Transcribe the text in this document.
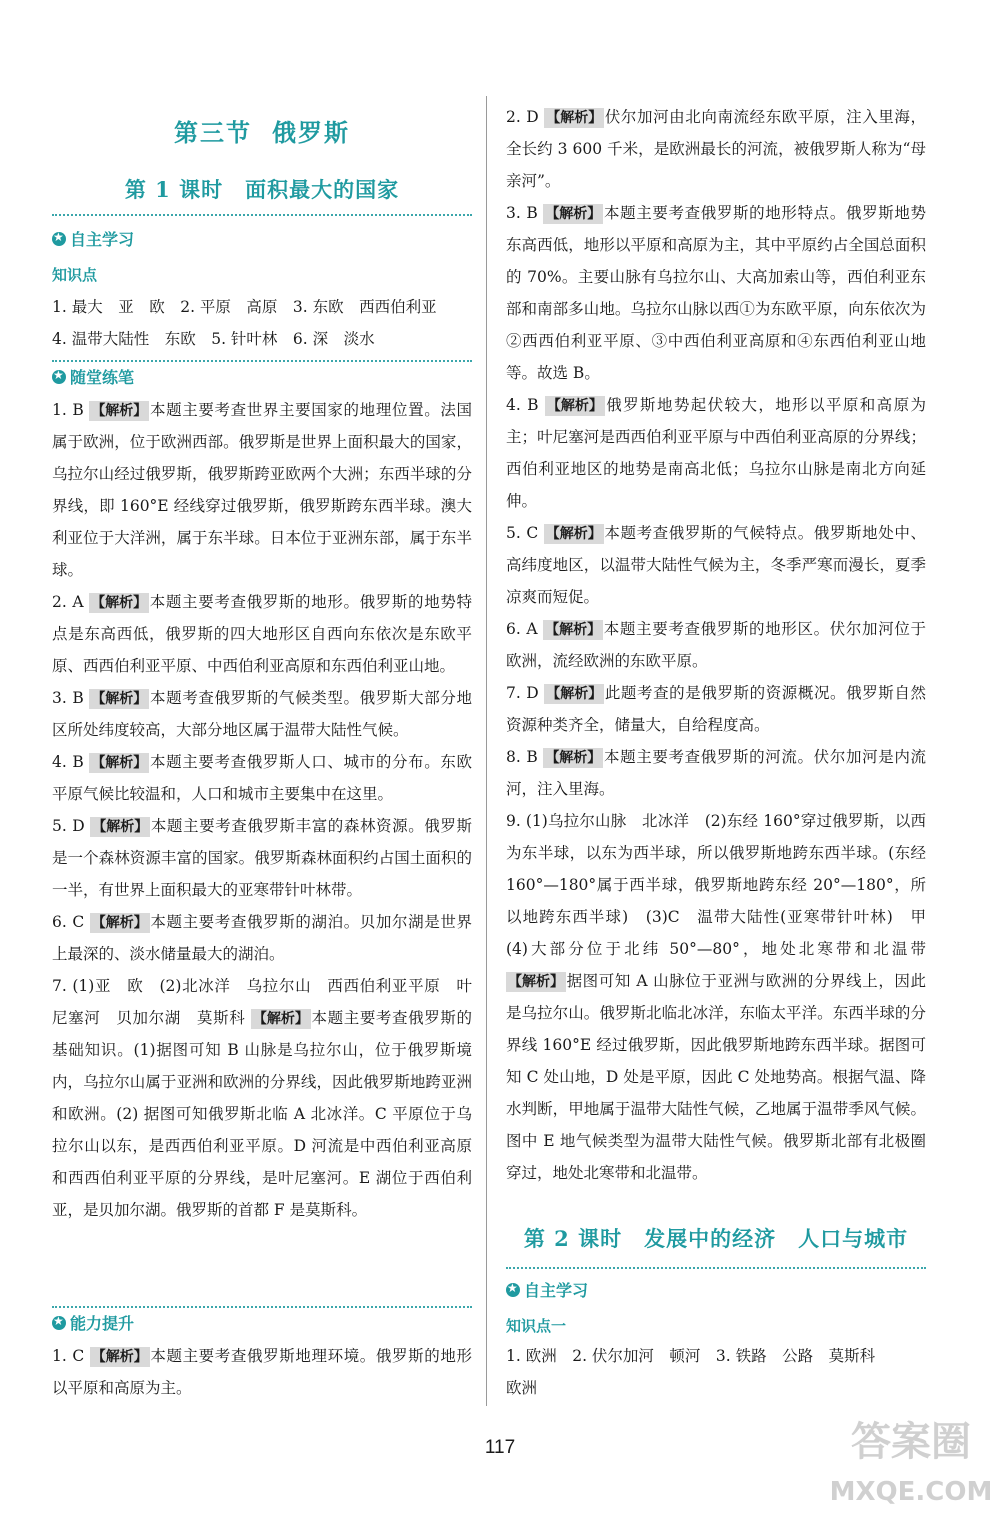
第三节 俄罗斯
第 1 课时　面积最大的国家
★
自主学习
知识点
1. 最大　亚　欧　2. 平原　高原　3. 东欧　西西伯利亚
4. 温带大陆性　东欧　5. 针叶林　6. 深　淡水
★
随堂练笔
1. B 【解析】 本题主要考查世界主要国家的地理位置。法国属于欧洲，位于欧洲西部。俄罗斯是世界上面积最大的国家，乌拉尔山经过俄罗斯，俄罗斯跨亚欧两个大洲；东西半球的分界线，即 160°E 经线穿过俄罗斯，俄罗斯跨东西半球。澳大利亚位于大洋洲，属于东半球。日本位于亚洲东部，属于东半球。
2. A 【解析】 本题主要考查俄罗斯的地形。俄罗斯的地势特点是东高西低，俄罗斯的四大地形区自西向东依次是东欧平原、西西伯利亚平原、中西伯利亚高原和东西伯利亚山地。
3. B 【解析】 本题考查俄罗斯的气候类型。俄罗斯大部分地区所处纬度较高，大部分地区属于温带大陆性气候。
4. B 【解析】 本题主要考查俄罗斯人口、城市的分布。东欧平原气候比较温和，人口和城市主要集中在这里。
5. D 【解析】 本题主要考查俄罗斯丰富的森林资源。俄罗斯是一个森林资源丰富的国家。俄罗斯森林面积约占国土面积的一半，有世界上面积最大的亚寒带针叶林带。
6. C 【解析】 本题主要考查俄罗斯的湖泊。贝加尔湖是世界上最深的、淡水储量最大的湖泊。
7. (1)亚　欧　(2)北冰洋　乌拉尔山　西西伯利亚平原　叶尼塞河　贝加尔湖　莫斯科 【解析】 本题主要考查俄罗斯的基础知识。(1)据图可知 B 山脉是乌拉尔山，位于俄罗斯境内，乌拉尔山属于亚洲和欧洲的分界线，因此俄罗斯地跨亚洲和欧洲。(2) 据图可知俄罗斯北临 A 北冰洋。C 平原位于乌拉尔山以东，是西西伯利亚平原。D 河流是中西伯利亚高原和西西伯利亚平原的分界线，是叶尼塞河。E 湖位于西伯利亚，是贝加尔湖。俄罗斯的首都 F 是莫斯科。
★
能力提升
1. C 【解析】 本题主要考查俄罗斯地理环境。俄罗斯的地形以平原和高原为主。
2. D 【解析】 伏尔加河由北向南流经东欧平原，注入里海，全长约 3 600 千米，是欧洲最长的河流，被俄罗斯人称为“母亲河”。
3. B 【解析】 本题主要考查俄罗斯的地形特点。俄罗斯地势东高西低，地形以平原和高原为主，其中平原约占全国总面积的 70%。主要山脉有乌拉尔山、大高加索山等，西伯利亚东部和南部多山地。乌拉尔山脉以西①为东欧平原，向东依次为②西西伯利亚平原、③中西伯利亚高原和④东西伯利亚山地等。故选 B。
4. B 【解析】 俄罗斯地势起伏较大，地形以平原和高原为主；叶尼塞河是西西伯利亚平原与中西伯利亚高原的分界线；西伯利亚地区的地势是南高北低；乌拉尔山脉是南北方向延伸。
5. C 【解析】 本题考查俄罗斯的气候特点。俄罗斯地处中、高纬度地区，以温带大陆性气候为主，冬季严寒而漫长，夏季凉爽而短促。
6. A 【解析】 本题主要考查俄罗斯的地形区。伏尔加河位于欧洲，流经欧洲的东欧平原。
7. D 【解析】 此题考查的是俄罗斯的资源概况。俄罗斯自然资源种类齐全，储量大，自给程度高。
8. B 【解析】 本题主要考查俄罗斯的河流。伏尔加河是内流河，注入里海。
9. (1)乌拉尔山脉　北冰洋　(2)东经 160°穿过俄罗斯，以西为东半球，以东为西半球，所以俄罗斯地跨东西半球。(东经 160°—180°属于西半球，俄罗斯地跨东经 20°—180°，所以地跨东西半球)　(3)C　温带大陆性(亚寒带针叶林)　甲　(4)大部分位于北纬 50°—80°，地处北寒带和北温带 【解析】 据图可知 A 山脉位于亚洲与欧洲的分界线上，因此是乌拉尔山。俄罗斯北临北冰洋，东临太平洋。东西半球的分界线 160°E 经过俄罗斯，因此俄罗斯地跨东西半球。据图可知 C 处山地，D 处是平原，因此 C 处地势高。根据气温、降水判断，甲地属于温带大陆性气候，乙地属于温带季风气候。图中 E 地气候类型为温带大陆性气候。俄罗斯北部有北极圈穿过，地处北寒带和北温带。
第 2 课时　发展中的经济　人口与城市
★
自主学习
知识点一
1. 欧洲　2. 伏尔加河　顿河　3. 铁路　公路　莫斯科
欧洲
117	答案圈
MXQE.COM
